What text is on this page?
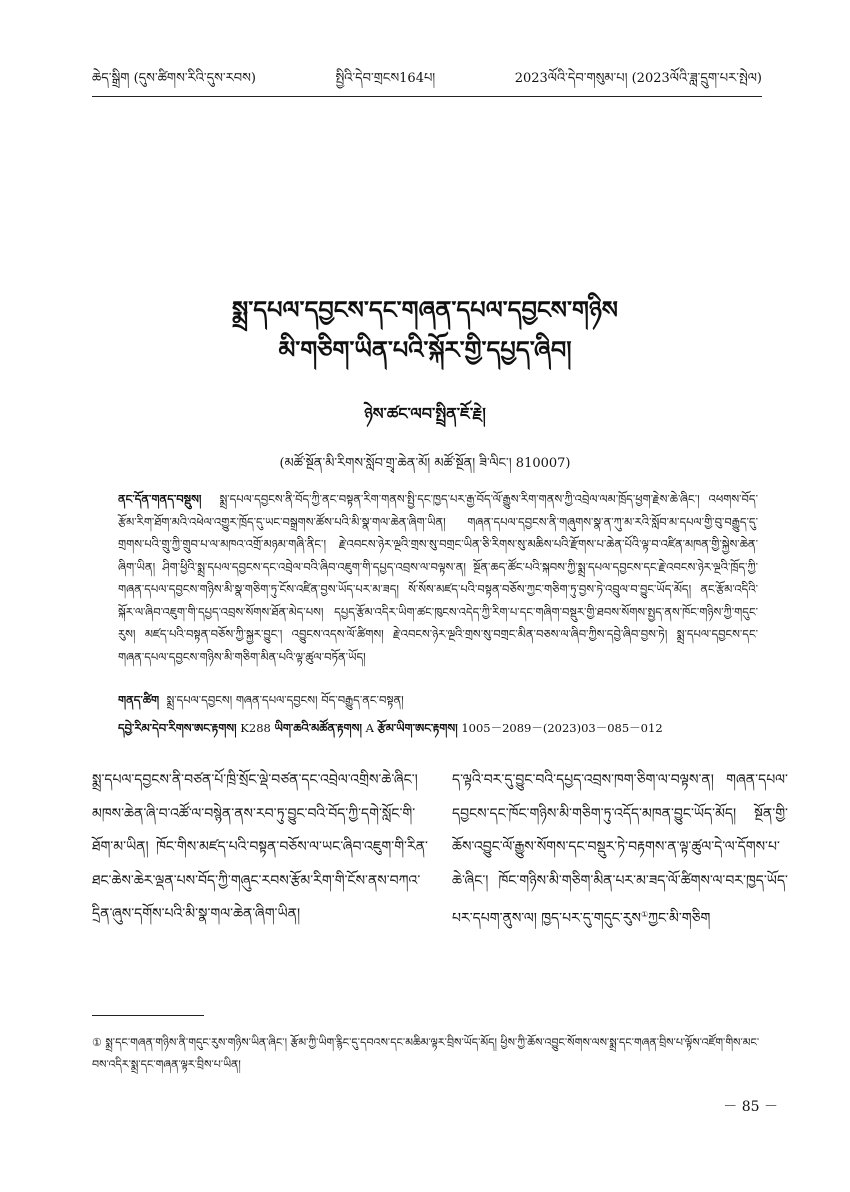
ཆེད་སྒྲིག (དུས་ཚིགས་རིའི་དུས་རབས)	སྤྱིའི་དེབ་གྲངས164པ།	2023ལོའི་དེབ་གསུམ་པ། (2023ལོའི་ཟླ་དྲུག་པར་སྤེལ)
སྨྲ་དཔལ་དབྱངས་དང་གཞན་དཔལ་དབྱངས་གཉིས
མི་གཅིག་ཡིན་པའི་སྐོར་གྱི་དཔྱད་ཞིབ།
ཉེས་ཚང་ལབ་སྤྲིན་ཇོ་རྗེ།
(མཚོ་སྔོན་མི་རིགས་སློབ་གྲྭ་ཆེན་མོ། མཚོ་སྔོན། ཟི་ལིང་། 810007)
ནང་དོན་གནད་བསྡུས། སྨྲ་དཔལ་དབྱངས་ནི་བོད་ཀྱི་ནང་བསྟན་རིག་གནས་སྤྱི་དང་ཁྱད་པར་རྒྱ་བོད་ལོ་རྒྱུས་རིག་གནས་ཀྱི་འབྲེལ་ལམ་ཁྲོད་ཕྱག་རྗེས་ཆེ་ཞིང་། འཕགས་བོད་རྩོམ་རིག་ཐོག་མའི་འཕེལ་འགྱུར་ཁྲོད་དུ་ཡང་བསྒྲགས་ཚོས་པའི་མི་སྣ་གལ་ཆེན་ཞིག་ཡིན། གཞན་དཔལ་དབྱངས་ནི་གཞུགས་སྣ་ན་ཀུ་མ་རའི་སློབ་མ་དཔལ་གྱི་བུ་བརྒྱུད་དུ་གྲགས་པའི་གྲུ་ཀྱི་གྲུབ་པ་ལ་མཁའ་འགྲོ་མཉམ་གཞི་ནིང་། རྗེ་འབངས་ཉེར་ལྔའི་གྲས་སུ་བགྲང་ཡིན་ཅི་རིགས་སུ་མཆིས་པའི་རྫོགས་པ་ཆེན་པོའི་ལྟ་བ་འཛིན་མཁན་གྱི་སྐྱེས་ཆེན་ཞིག་ཡིན། ཤིག་ཕྱིའི་སྨྲ་དཔལ་དབྱངས་དང་འབྲེལ་བའི་ཞིབ་འཇུག་གི་དཔྱད་འབྲས་ལ་བལྟས་ན། སྔོན་ཆད་ཚོང་པའི་སྐབས་ཀྱི་སྨྲ་དཔལ་དབྱངས་དང་རྗེ་འབངས་ཉེར་ལྔའི་ཁྲོད་ཀྱི་གཞན་དཔལ་དབྱངས་གཉིས་མི་སྣ་གཅིག་ཏུ་ངོས་འཛིན་བྱས་ཡོད་པར་མ་ཟད། སོ་སོས་མཛད་པའི་བསྟན་བཅོས་ཀྱང་གཅིག་ཏུ་བྱས་ཏེ་འབྲུལ་བ་བྱུང་ཡོད་མོད། ནང་རྩོམ་འདིའི་སྐོར་ལ་ཞིབ་འཇུག་གི་དཔྱད་འབྲས་སོགས་ཐོན་མེད་པས། དཔྱད་རྩོམ་འདིར་ཡིག་ཚང་ཁུངས་འདེད་ཀྱི་རིག་པ་དང་གཞིག་བསྡུར་གྱི་ཐབས་སོགས་སྤྱད་ནས་ཁོང་གཉིས་ཀྱི་གདུང་རུས། མཛད་པའི་བསྟན་བཅོས་ཀྱི་སྐྱར་བྱུང་། འབྱུངས་འདས་ལོ་ཚིགས། རྗེ་འབངས་ཉེར་ལྔའི་གྲས་སུ་བགྲང་མིན་བཅས་ལ་ཞིབ་ཀྱིས་དབྱེ་ཞིབ་བྱས་ཏེ། སྨྲ་དཔལ་དབྱངས་དང་གཞན་དཔལ་དབྱངས་གཉིས་མི་གཅིག་མིན་པའི་ལྟ་ཚུལ་བཏོན་ཡོད།
གནད་ཚིག སྨྲ་དཔལ་དབྱངས། གཞན་དཔལ་དབྱངས། བོད་བརྒྱུད་ནང་བསྟན།
དབྱེ་རིམ་དེབ་རིགས་ཨང་རྟགས། K288 ཡིག་ཆའི་མཚོན་རྟགས། A རྩོམ་ཡིག་ཨང་རྟགས། 1005－2089－(2023)03－085－012

སྨྲ་དཔལ་དབྱངས་ནི་བཙན་པོ་ཁྲི་སྲོང་ལྡེ་བཙན་དང་འབྲེལ་འགྲིས་ཆེ་ཞིང་། མཁས་ཆེན་ཞི་བ་འཚོ་ལ་བསྙེན་ནས་རབ་ཏུ་བྱུང་བའི་བོད་ཀྱི་དགེ་སློང་གི་ཐོག་མ་ཡིན། ཁོང་གིས་མཛད་པའི་བསྟན་བཅོས་ལ་ཡང་ཞིབ་འཇུག་གི་རིན་ཐང་ཆེས་ཆེར་ལྡན་པས་བོད་ཀྱི་གཞུང་རབས་རྩོམ་རིག་གི་ངོས་ནས་བཀའ་དྲིན་ཞུས་དགོས་པའི་མི་སྣ་གལ་ཆེན་ཞིག་ཡིན།

ད་ལྟའི་བར་དུ་བྱུང་བའི་དཔྱད་འབྲས་ཁག་ཅིག་ལ་བལྟས་ན། གཞན་དཔལ་དབྱངས་དང་ཁོང་གཉིས་མི་གཅིག་ཏུ་འདོད་མཁན་བྱུང་ཡོད་མོད། སྔོན་གྱི་ཆོས་འབྱུང་ལོ་རྒྱུས་སོགས་དང་བསྡུར་ཏེ་བརྟགས་ན་ལྟ་ཚུལ་དེ་ལ་དོགས་པ་ཆེ་ཞིང་། ཁོང་གཉིས་མི་གཅིག་མིན་པར་མ་ཟད་ལོ་ཚིགས་ལ་བར་ཁྱད་ཡོད་པར་དཔག་ནུས་ལ། ཁྱད་པར་དུ་གདུང་རུས①ཀྱང་མི་གཅིག

① སྨྲ་དང་གཞན་གཉིས་ནི་གདུང་རུས་གཉིས་ཡིན་ཞིང་། རྩོམ་ཀྱི་ཡིག་རྙིང་དུ་དབའས་དང་མཆིམ་ལྟར་བྲིས་ཡོད་མོད། ཕྱིས་ཀྱི་ཆོས་འབྱུང་སོགས་ལས་སྨྲ་དང་གཞན་བྲིས་པ་ལྟོས་འཛོག་གིས་མང་བས་འདིར་སྨྲ་དང་གཞན་ལྟར་བྲིས་པ་ཡིན།
－ 85 －
